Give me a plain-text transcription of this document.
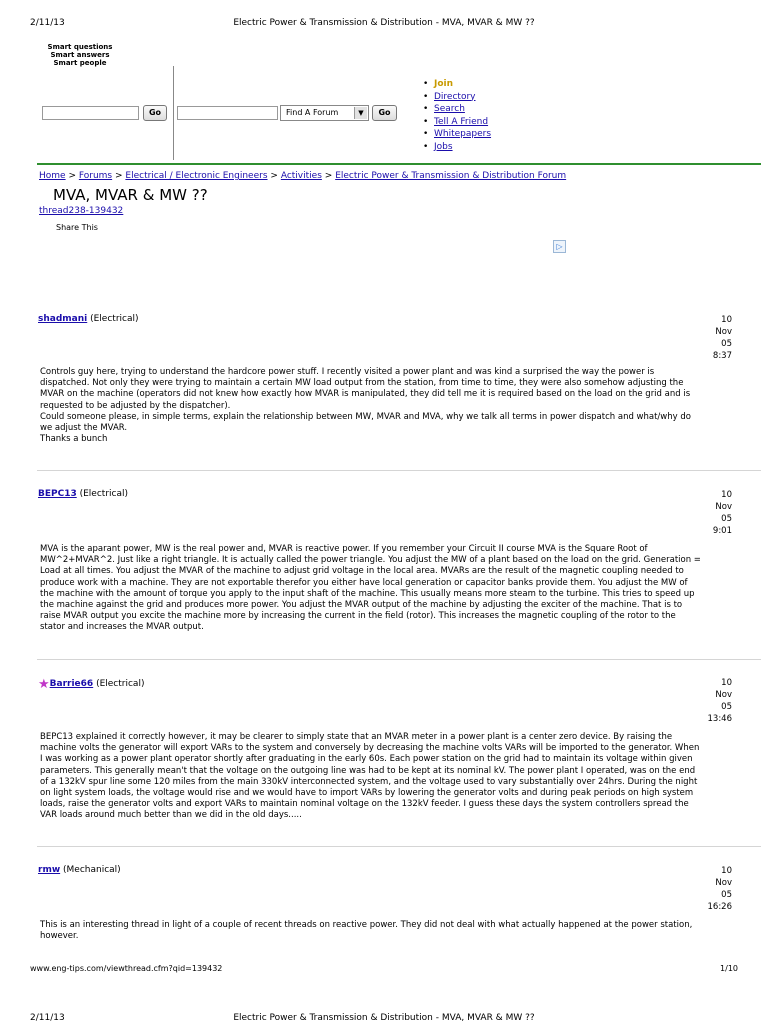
2/11/13	Electric Power & Transmission & Distribution - MVA, MVAR & MW ??
Smart questions
Smart answers
Smart people
Go	Find A Forum	▼	Go
• Join
• Directory
• Search
• Tell A Friend
• Whitepapers
• Jobs
Home > Forums > Electrical / Electronic Engineers > Activities > Electric Power & Transmission & Distribution Forum
MVA, MVAR & MW ??
thread238-139432
Share This
▷
shadmani (Electrical)	10
Nov
05
8:37
Controls guy here, trying to understand the hardcore power stuff. I recently visited a power plant and was kind a surprised the way the power is
dispatched. Not only they were trying to maintain a certain MW load output from the station, from time to time, they were also somehow adjusting the
MVAR on the machine (operators did not knew how exactly how MVAR is manipulated, they did tell me it is required based on the load on the grid and is
requested to be adjusted by the dispatcher).
Could someone please, in simple terms, explain the relationship between MW, MVAR and MVA, why we talk all terms in power dispatch and what/why do
we adjust the MVAR.
Thanks a bunch
BEPC13 (Electrical)	10
Nov
05
9:01
MVA is the aparant power, MW is the real power and, MVAR is reactive power. If you remember your Circuit II course MVA is the Square Root of
MW^2+MVAR^2. Just like a right triangle. It is actually called the power triangle. You adjust the MW of a plant based on the load on the grid. Generation =
Load at all times. You adjust the MVAR of the machine to adjust grid voltage in the local area. MVARs are the result of the magnetic coupling needed to
produce work with a machine. They are not exportable therefor you either have local generation or capacitor banks provide them. You adjust the MW of
the machine with the amount of torque you apply to the input shaft of the machine. This usually means more steam to the turbine. This tries to speed up
the machine against the grid and produces more power. You adjust the MVAR output of the machine by adjusting the exciter of the machine. That is to
raise MVAR output you excite the machine more by increasing the current in the field (rotor). This increases the magnetic coupling of the rotor to the
stator and increases the MVAR output.
★Barrie66 (Electrical)	10
Nov
05
13:46
BEPC13 explained it correctly however, it may be clearer to simply state that an MVAR meter in a power plant is a center zero device. By raising the
machine volts the generator will export VARs to the system and conversely by decreasing the machine volts VARs will be imported to the generator. When
I was working as a power plant operator shortly after graduating in the early 60s. Each power station on the grid had to maintain its voltage within given
parameters. This generally mean't that the voltage on the outgoing line was had to be kept at its nominal kV. The power plant I operated, was on the end
of a 132kV spur line some 120 miles from the main 330kV interconnected system, and the voltage used to vary substantially over 24hrs. During the night
on light system loads, the voltage would rise and we would have to import VARs by lowering the generator volts and during peak periods on high system
loads, raise the generator volts and export VARs to maintain nominal voltage on the 132kV feeder. I guess these days the system controllers spread the
VAR loads around much better than we did in the old days.....
rmw (Mechanical)	10
Nov
05
16:26
This is an interesting thread in light of a couple of recent threads on reactive power. They did not deal with what actually happened at the power station,
however.
www.eng-tips.com/viewthread.cfm?qid=139432	1/10
2/11/13	Electric Power & Transmission & Distribution - MVA, MVAR & MW ??
